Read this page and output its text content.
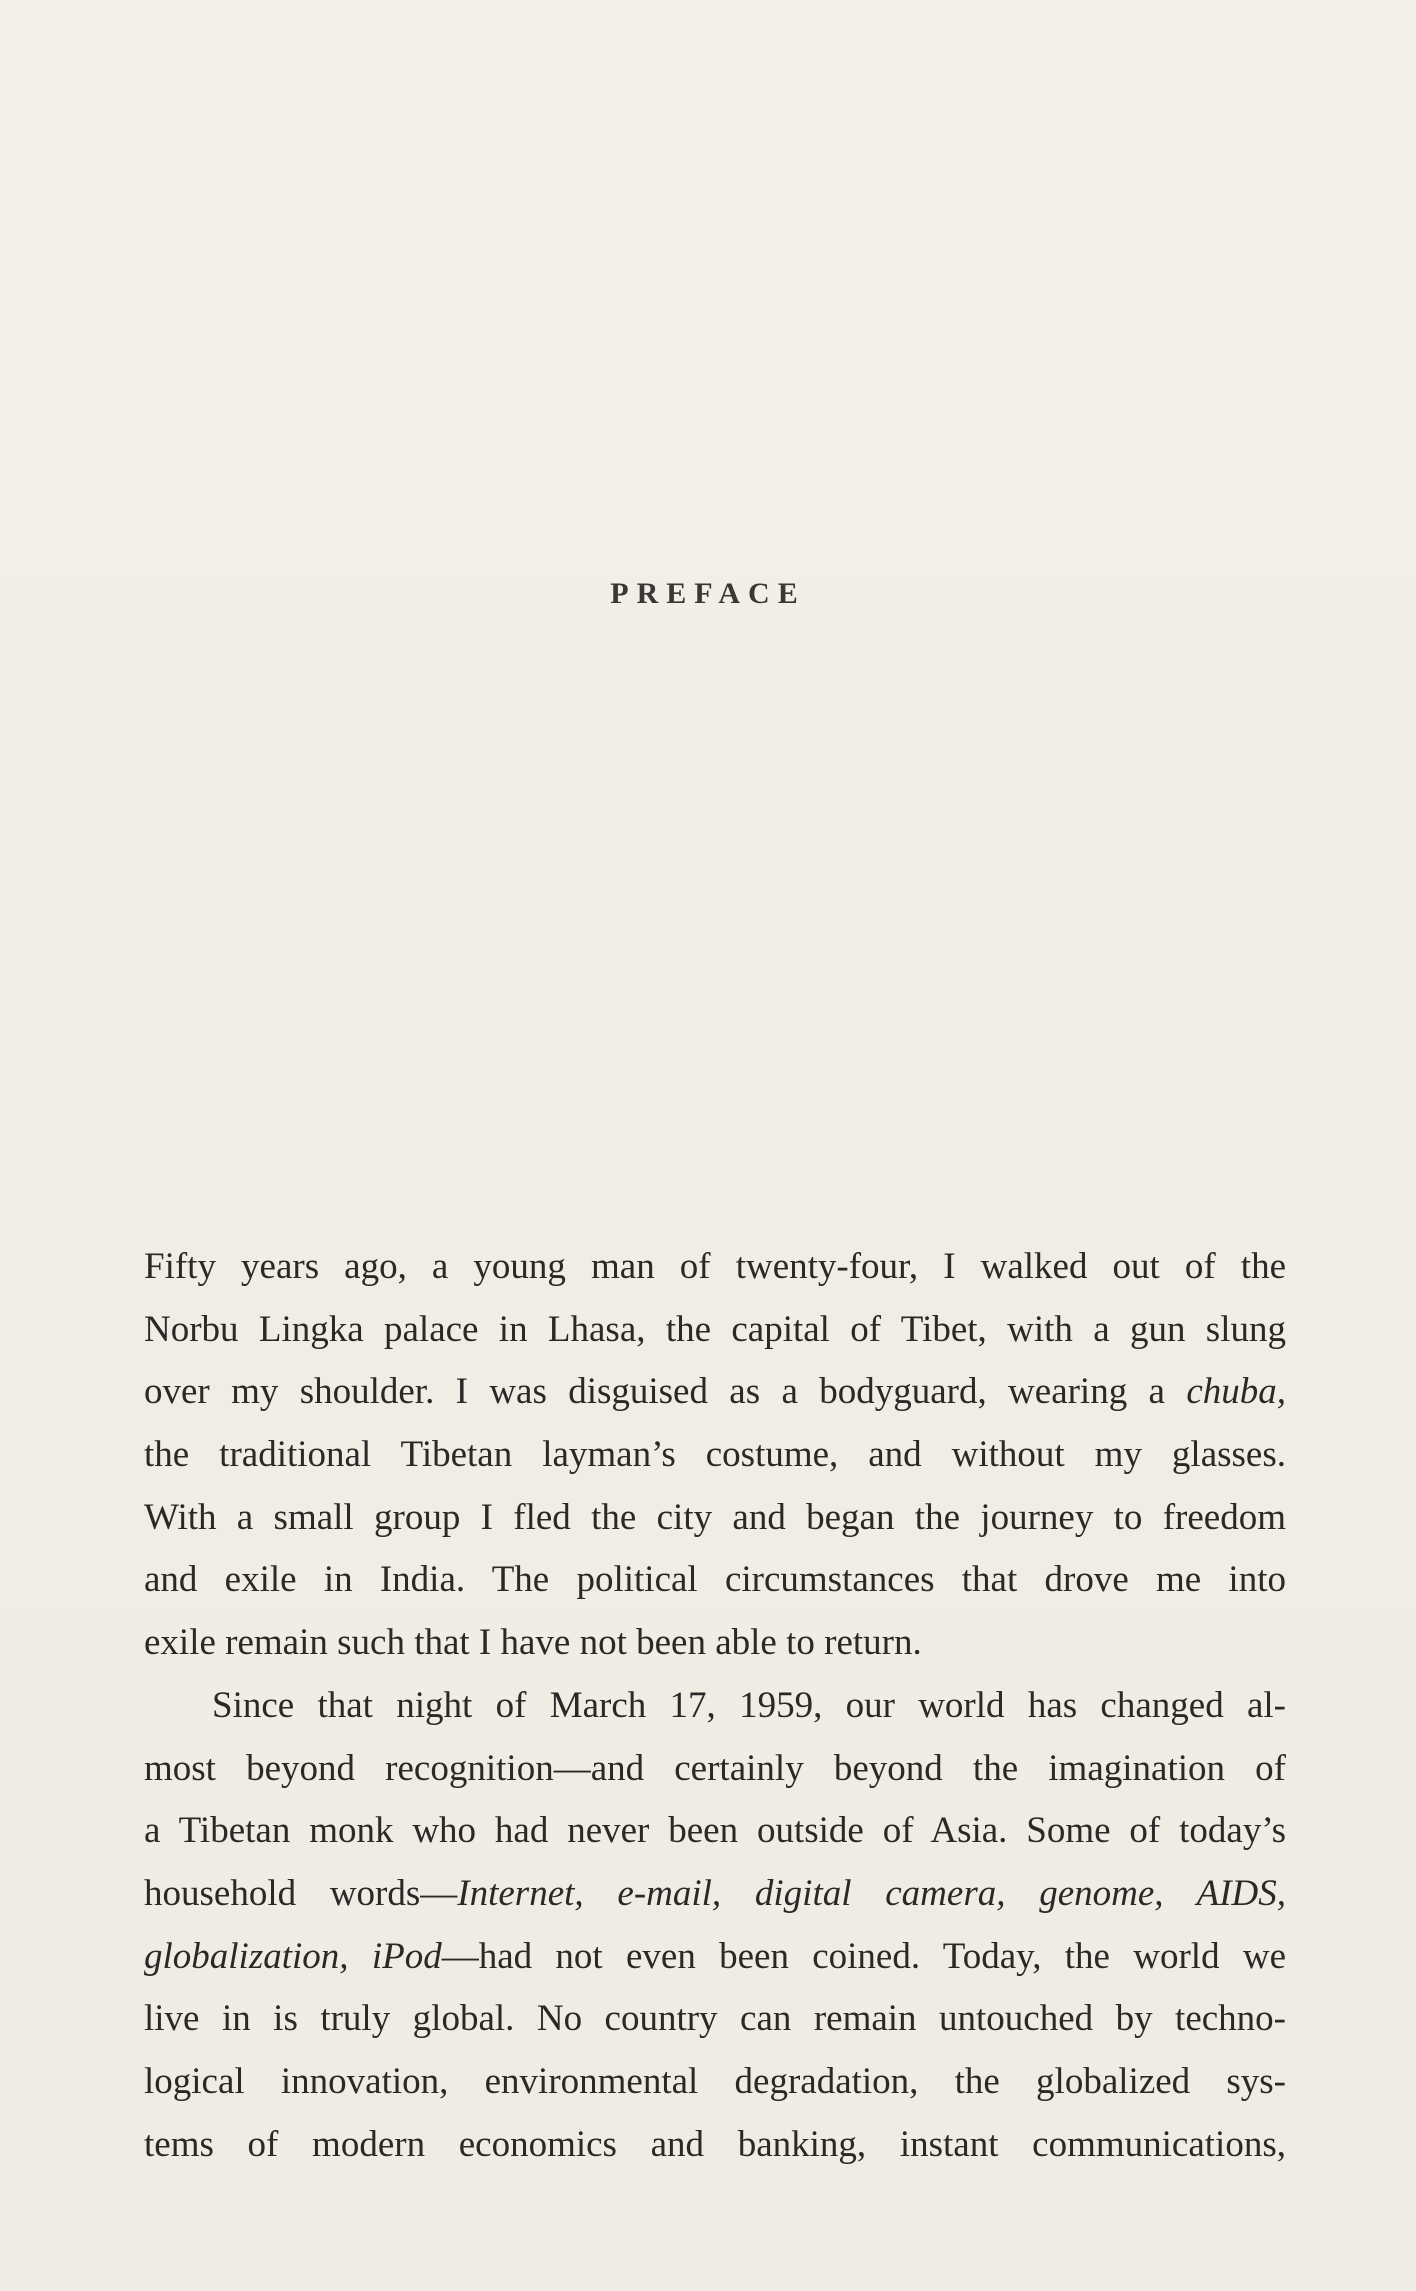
PREFACE
Fifty years ago, a young man of twenty-four, I walked out of the
Norbu Lingka palace in Lhasa, the capital of Tibet, with a gun slung
over my shoulder. I was disguised as a bodyguard, wearing a chuba,
the traditional Tibetan layman’s costume, and without my glasses.
With a small group I fled the city and began the journey to freedom
and exile in India. The political circumstances that drove me into
exile remain such that I have not been able to return.
Since that night of March 17, 1959, our world has changed al-
most beyond recognition—and certainly beyond the imagination of
a Tibetan monk who had never been outside of Asia. Some of today’s
household words—Internet, e-mail, digital camera, genome, AIDS,
globalization, iPod—had not even been coined. Today, the world we
live in is truly global. No country can remain untouched by techno-
logical innovation, environmental degradation, the globalized sys-
tems of modern economics and banking, instant communications,
